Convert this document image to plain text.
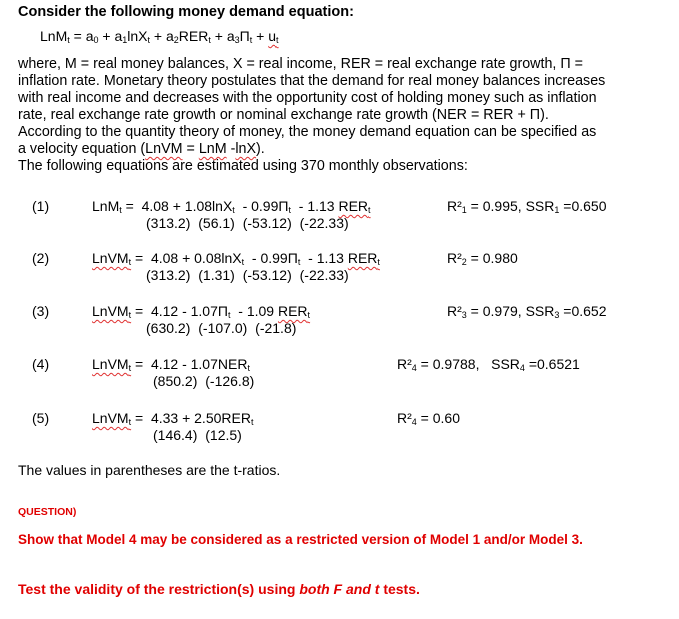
Consider the following money demand equation:
$LnM_t = a_0 + a_1\ln X_t + a_2RER_t + a_3\Pi_t + u_t$

where, M = real money balances, X = real income, RER = real exchange rate growth, Π =

inflation rate. Monetary theory postulates that the demand for real money balances increases

with real income and decreases with the opportunity cost of holding money such as inflation

rate, real exchange rate growth or nominal exchange rate growth (NER = RER + Π).

According to the quantity theory of money, the money demand equation can be specified as

a velocity equation (LnVM = LnM -lnX).

The following equations are estimated using 370 monthly observations:

(1)	$LnM_t = 4.08 + 1.08\ln X_t - 0.99\Pi_t - 1.13$ $RER_t$
(313.2) (56.1) (-53.12) (-22.33)
$R^2_1 = 0.995$, $SSR_1 =0.650$
(2)	LnVM$_t$ =  $4.08 + 0.08\ln X_t - 0.99\Pi_t - 1.13$ $RER_t$
(313.2) (1.31) (-53.12) (-22.33)
$R^2_2 = 0.980$
(3)	LnVM$_t$ =  $4.12 - 1.07\Pi_t - 1.09$ $RER_t$
(630.2) (-107.0) (-21.8)
$R^2_3 = 0.979$, $SSR_3 =0.652$
(4)	LnVM$_t$ =  $4.12 - 1.07NER_t$
(850.2) (-126.8)
$R^2_4 = 0.9788$,   $SSR_4 =0.6521$
(5)	LnVM$_t$ =  $4.33 + 2.50RER_t$
(146.4) (12.5)
$R^2_4 = 0.60$
The values in parentheses are the t-ratios.
QUESTION)
Show that Model 4 may be considered as a restricted version of Model 1 and/or Model 3.
Test the validity of the restriction(s) using both F and t tests.
